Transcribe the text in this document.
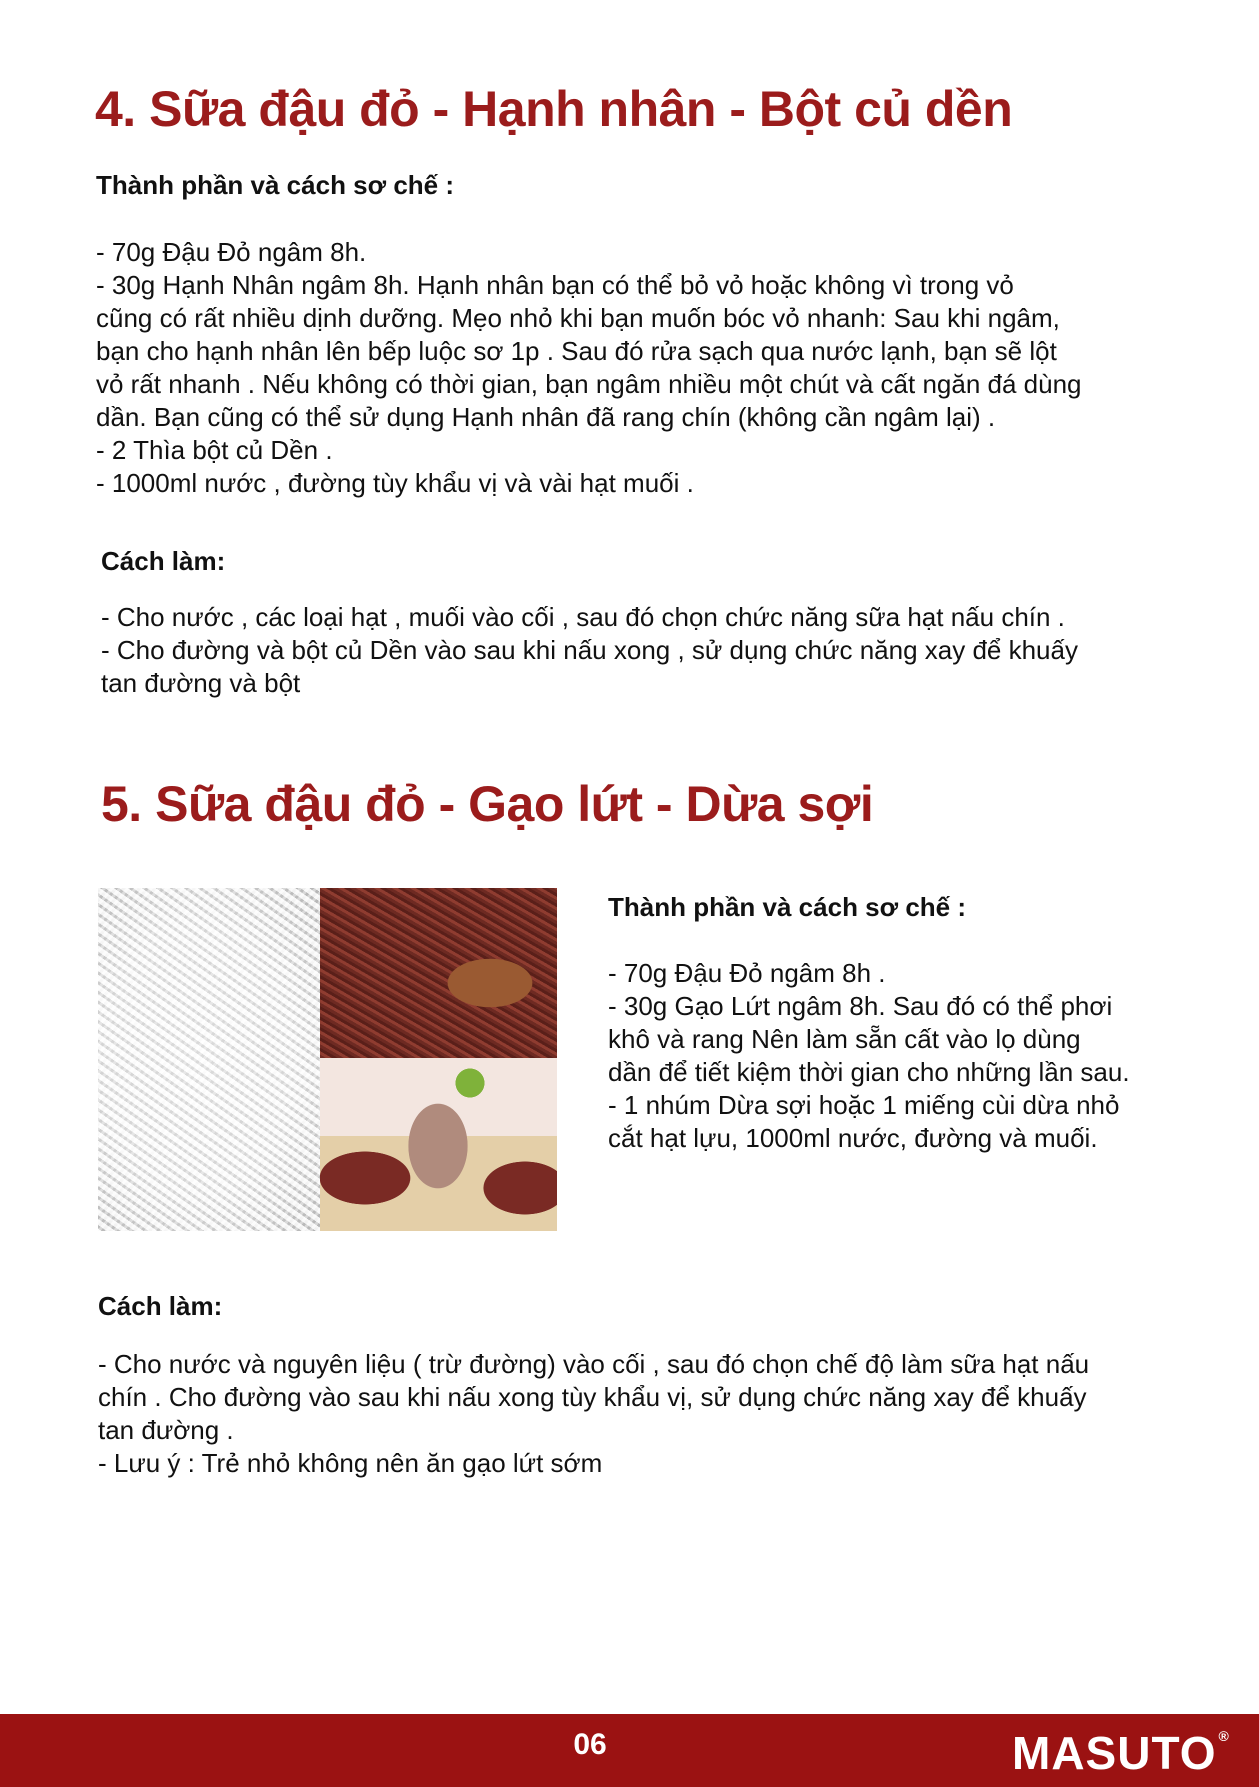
4. Sữa đậu đỏ - Hạnh nhân - Bột củ dền
Thành phần và cách sơ chế :
- 70g Đậu Đỏ ngâm 8h.
- 30g Hạnh Nhân ngâm 8h. Hạnh nhân bạn có thể bỏ vỏ hoặc không vì trong vỏ
cũng có rất nhiều dịnh dưỡng. Mẹo nhỏ khi bạn muốn bóc vỏ nhanh: Sau khi ngâm,
bạn cho hạnh nhân lên bếp luộc sơ 1p . Sau đó rửa sạch qua nước lạnh, bạn sẽ lột
vỏ rất nhanh . Nếu không có thời gian, bạn ngâm nhiều một chút và cất ngăn đá dùng
dần. Bạn cũng có thể sử dụng Hạnh nhân đã rang chín (không cần ngâm lại) .
- 2 Thìa bột củ Dền .
- 1000ml nước , đường tùy khẩu vị và vài hạt muối .
Cách làm:
- Cho nước , các loại hạt , muối vào cối , sau đó chọn chức năng sữa hạt nấu chín .
- Cho đường và bột củ Dền vào sau khi nấu xong , sử dụng chức năng xay để khuấy
tan đường và bột
5. Sữa đậu đỏ - Gạo lứt - Dừa sợi
Thành phần và cách sơ chế :
- 70g Đậu Đỏ ngâm 8h .
- 30g Gạo Lứt ngâm 8h. Sau đó có thể phơi
khô và rang Nên làm sẵn cất vào lọ dùng
dần để tiết kiệm thời gian cho những lần sau.
- 1 nhúm Dừa sợi hoặc 1 miếng cùi dừa nhỏ
cắt hạt lựu, 1000ml nước, đường và muối.
Cách làm:
- Cho nước và nguyên liệu ( trừ đường) vào cối , sau đó chọn chế độ làm sữa hạt nấu
chín . Cho đường vào sau khi nấu xong tùy khẩu vị, sử dụng chức năng xay để khuấy
tan đường .
- Lưu ý : Trẻ nhỏ không nên ăn gạo lứt sớm
06	MASUTO ®
